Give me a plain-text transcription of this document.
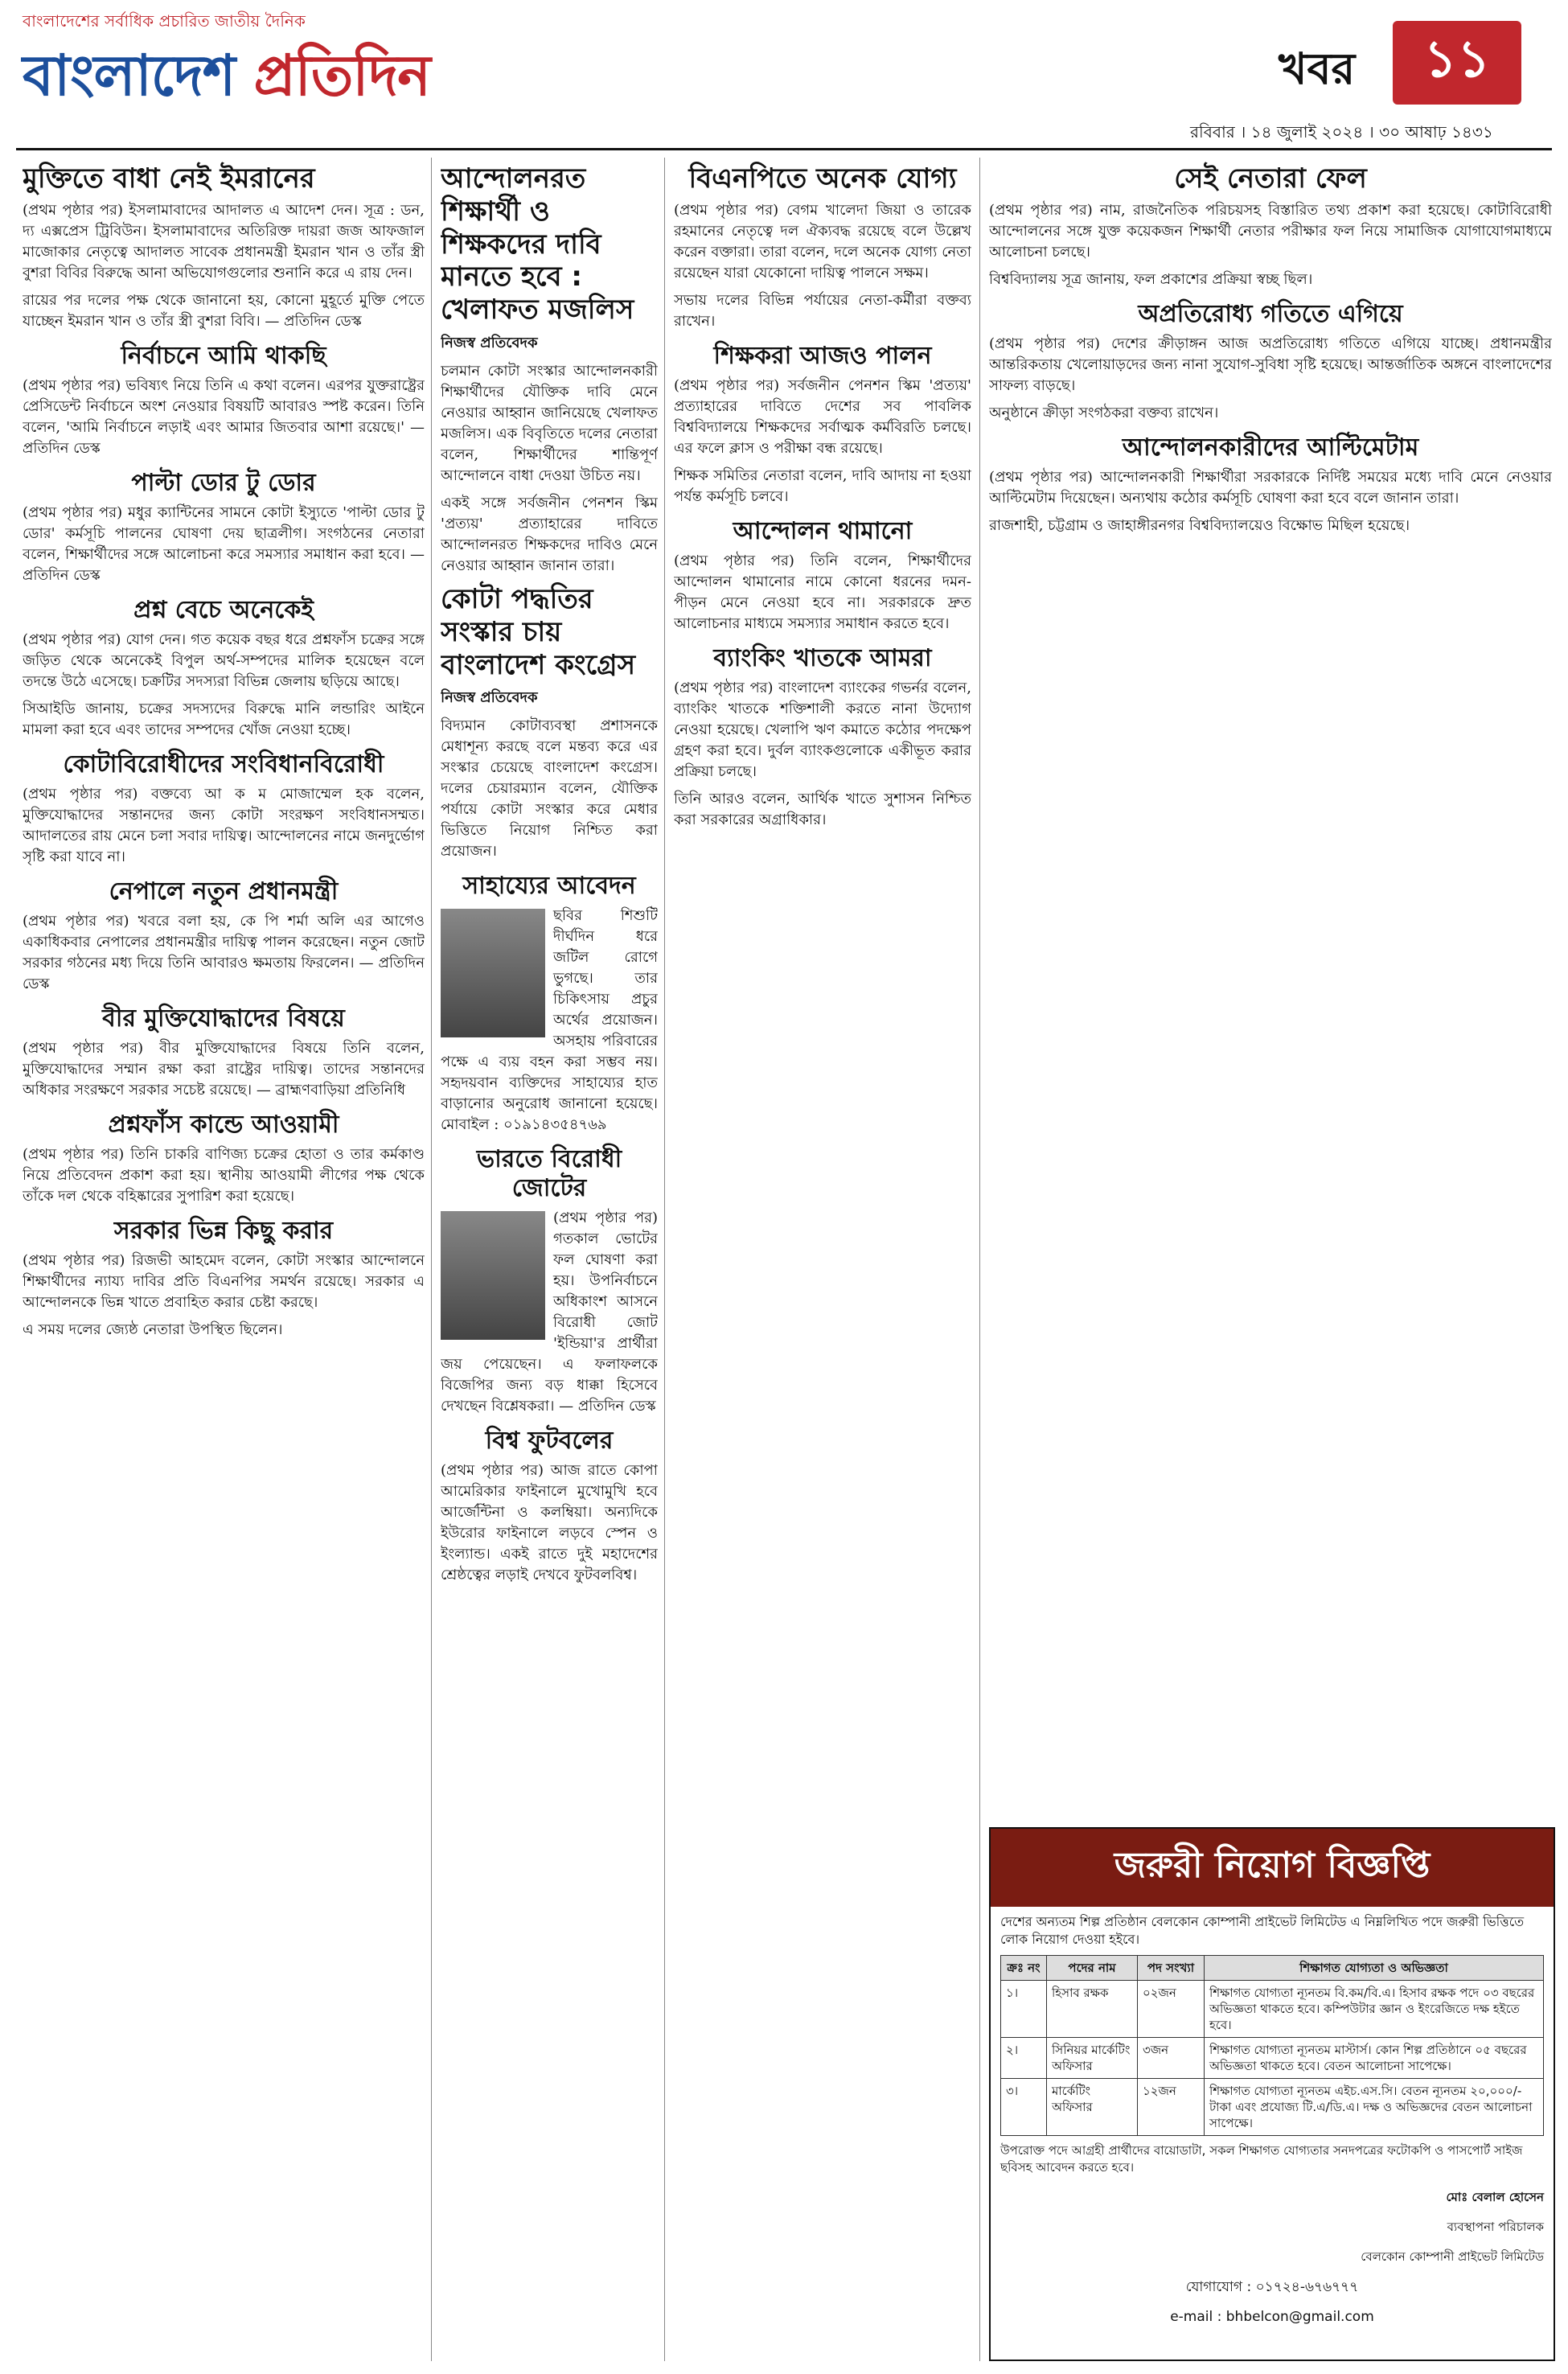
বাংলাদেশের সর্বাধিক প্রচারিত জাতীয় দৈনিক
বাংলাদেশ প্রতিদিন	খবর	১১
রবিবার । ১৪ জুলাই ২০২৪ । ৩০ আষাঢ় ১৪৩১
মুক্তিতে বাধা নেই ইমরানের

(প্রথম পৃষ্ঠার পর) ইসলামাবাদের আদালত এ আদেশ দেন। সূত্র : ডন, দ্য এক্সপ্রেস ট্রিবিউন। ইসলামাবাদের অতিরিক্ত দায়রা জজ আফজাল মাজোকার নেতৃত্বে আদালত সাবেক প্রধানমন্ত্রী ইমরান খান ও তাঁর স্ত্রী বুশরা বিবির বিরুদ্ধে আনা অভিযোগগুলোর শুনানি করে এ রায় দেন।

রায়ের পর দলের পক্ষ থেকে জানানো হয়, কোনো মুহূর্তে মুক্তি পেতে যাচ্ছেন ইমরান খান ও তাঁর স্ত্রী বুশরা বিবি। — প্রতিদিন ডেস্ক

নির্বাচনে আমি থাকছি

(প্রথম পৃষ্ঠার পর) ভবিষ্যৎ নিয়ে তিনি এ কথা বলেন। এরপর যুক্তরাষ্ট্রের প্রেসিডেন্ট নির্বাচনে অংশ নেওয়ার বিষয়টি আবারও স্পষ্ট করেন। তিনি বলেন, 'আমি নির্বাচনে লড়াই এবং আমার জিতবার আশা রয়েছে।' — প্রতিদিন ডেস্ক

পাল্টা ডোর টু ডোর

(প্রথম পৃষ্ঠার পর) মধুর ক্যান্টিনের সামনে কোটা ইস্যুতে 'পাল্টা ডোর টু ডোর' কর্মসূচি পালনের ঘোষণা দেয় ছাত্রলীগ। সংগঠনের নেতারা বলেন, শিক্ষার্থীদের সঙ্গে আলোচনা করে সমস্যার সমাধান করা হবে। — প্রতিদিন ডেস্ক

প্রশ্ন বেচে অনেকেই

(প্রথম পৃষ্ঠার পর) যোগ দেন। গত কয়েক বছর ধরে প্রশ্নফাঁস চক্রের সঙ্গে জড়িত থেকে অনেকেই বিপুল অর্থ-সম্পদের মালিক হয়েছেন বলে তদন্তে উঠে এসেছে। চক্রটির সদস্যরা বিভিন্ন জেলায় ছড়িয়ে আছে।

সিআইডি জানায়, চক্রের সদস্যদের বিরুদ্ধে মানি লন্ডারিং আইনে মামলা করা হবে এবং তাদের সম্পদের খোঁজ নেওয়া হচ্ছে।

কোটাবিরোধীদের সংবিধানবিরোধী

(প্রথম পৃষ্ঠার পর) বক্তব্যে আ ক ম মোজাম্মেল হক বলেন, মুক্তিযোদ্ধাদের সন্তানদের জন্য কোটা সংরক্ষণ সংবিধানসম্মত। আদালতের রায় মেনে চলা সবার দায়িত্ব। আন্দোলনের নামে জনদুর্ভোগ সৃষ্টি করা যাবে না।

নেপালে নতুন প্রধানমন্ত্রী

(প্রথম পৃষ্ঠার পর) খবরে বলা হয়, কে পি শর্মা অলি এর আগেও একাধিকবার নেপালের প্রধানমন্ত্রীর দায়িত্ব পালন করেছেন। নতুন জোট সরকার গঠনের মধ্য দিয়ে তিনি আবারও ক্ষমতায় ফিরলেন। — প্রতিদিন ডেস্ক

বীর মুক্তিযোদ্ধাদের বিষয়ে

(প্রথম পৃষ্ঠার পর) বীর মুক্তিযোদ্ধাদের বিষয়ে তিনি বলেন, মুক্তিযোদ্ধাদের সম্মান রক্ষা করা রাষ্ট্রের দায়িত্ব। তাদের সন্তানদের অধিকার সংরক্ষণে সরকার সচেষ্ট রয়েছে। — ব্রাহ্মণবাড়িয়া প্রতিনিধি

প্রশ্নফাঁস কান্ডে আওয়ামী

(প্রথম পৃষ্ঠার পর) তিনি চাকরি বাণিজ্য চক্রের হোতা ও তার কর্মকাণ্ড নিয়ে প্রতিবেদন প্রকাশ করা হয়। স্থানীয় আওয়ামী লীগের পক্ষ থেকে তাঁকে দল থেকে বহিষ্কারের সুপারিশ করা হয়েছে।

সরকার ভিন্ন কিছু করার

(প্রথম পৃষ্ঠার পর) রিজভী আহমেদ বলেন, কোটা সংস্কার আন্দোলনে শিক্ষার্থীদের ন্যায্য দাবির প্রতি বিএনপির সমর্থন রয়েছে। সরকার এ আন্দোলনকে ভিন্ন খাতে প্রবাহিত করার চেষ্টা করছে।

এ সময় দলের জ্যেষ্ঠ নেতারা উপস্থিত ছিলেন।

আন্দোলনরত শিক্ষার্থী ও শিক্ষকদের দাবি মানতে হবে : খেলাফত মজলিস
নিজস্ব প্রতিবেদক

চলমান কোটা সংস্কার আন্দোলনকারী শিক্ষার্থীদের যৌক্তিক দাবি মেনে নেওয়ার আহ্বান জানিয়েছে খেলাফত মজলিস। এক বিবৃতিতে দলের নেতারা বলেন, শিক্ষার্থীদের শান্তিপূর্ণ আন্দোলনে বাধা দেওয়া উচিত নয়।

একই সঙ্গে সর্বজনীন পেনশন স্কিম 'প্রত্যয়' প্রত্যাহারের দাবিতে আন্দোলনরত শিক্ষকদের দাবিও মেনে নেওয়ার আহ্বান জানান তারা।

কোটা পদ্ধতির সংস্কার চায় বাংলাদেশ কংগ্রেস
নিজস্ব প্রতিবেদক

বিদ্যমান কোটাব্যবস্থা প্রশাসনকে মেধাশূন্য করছে বলে মন্তব্য করে এর সংস্কার চেয়েছে বাংলাদেশ কংগ্রেস। দলের চেয়ারম্যান বলেন, যৌক্তিক পর্যায়ে কোটা সংস্কার করে মেধার ভিত্তিতে নিয়োগ নিশ্চিত করা প্রয়োজন।

সাহায্যের আবেদন

ছবির শিশুটি দীর্ঘদিন ধরে জটিল রোগে ভুগছে। তার চিকিৎসায় প্রচুর অর্থের প্রয়োজন। অসহায় পরিবারের পক্ষে এ ব্যয় বহন করা সম্ভব নয়। সহৃদয়বান ব্যক্তিদের সাহায্যের হাত বাড়ানোর অনুরোধ জানানো হয়েছে। মোবাইল : ০১৯১৪৩৫৪৭৬৯

ভারতে বিরোধী জোটের

(প্রথম পৃষ্ঠার পর) গতকাল ভোটের ফল ঘোষণা করা হয়। উপনির্বাচনে অধিকাংশ আসনে বিরোধী জোট 'ইন্ডিয়া'র প্রার্থীরা জয় পেয়েছেন। এ ফলাফলকে বিজেপির জন্য বড় ধাক্কা হিসেবে দেখছেন বিশ্লেষকরা। — প্রতিদিন ডেস্ক

বিশ্ব ফুটবলের

(প্রথম পৃষ্ঠার পর) আজ রাতে কোপা আমেরিকার ফাইনালে মুখোমুখি হবে আর্জেন্টিনা ও কলম্বিয়া। অন্যদিকে ইউরোর ফাইনালে লড়বে স্পেন ও ইংল্যান্ড। একই রাতে দুই মহাদেশের শ্রেষ্ঠত্বের লড়াই দেখবে ফুটবলবিশ্ব।

বিএনপিতে অনেক যোগ্য

(প্রথম পৃষ্ঠার পর) বেগম খালেদা জিয়া ও তারেক রহমানের নেতৃত্বে দল ঐক্যবদ্ধ রয়েছে বলে উল্লেখ করেন বক্তারা। তারা বলেন, দলে অনেক যোগ্য নেতা রয়েছেন যারা যেকোনো দায়িত্ব পালনে সক্ষম।

সভায় দলের বিভিন্ন পর্যায়ের নেতা-কর্মীরা বক্তব্য রাখেন।

শিক্ষকরা আজও পালন

(প্রথম পৃষ্ঠার পর) সর্বজনীন পেনশন স্কিম 'প্রত্যয়' প্রত্যাহারের দাবিতে দেশের সব পাবলিক বিশ্ববিদ্যালয়ে শিক্ষকদের সর্বাত্মক কর্মবিরতি চলছে। এর ফলে ক্লাস ও পরীক্ষা বন্ধ রয়েছে।

শিক্ষক সমিতির নেতারা বলেন, দাবি আদায় না হওয়া পর্যন্ত কর্মসূচি চলবে।

আন্দোলন থামানো

(প্রথম পৃষ্ঠার পর) তিনি বলেন, শিক্ষার্থীদের আন্দোলন থামানোর নামে কোনো ধরনের দমন-পীড়ন মেনে নেওয়া হবে না। সরকারকে দ্রুত আলোচনার মাধ্যমে সমস্যার সমাধান করতে হবে।

ব্যাংকিং খাতকে আমরা

(প্রথম পৃষ্ঠার পর) বাংলাদেশ ব্যাংকের গভর্নর বলেন, ব্যাংকিং খাতকে শক্তিশালী করতে নানা উদ্যোগ নেওয়া হয়েছে। খেলাপি ঋণ কমাতে কঠোর পদক্ষেপ গ্রহণ করা হবে। দুর্বল ব্যাংকগুলোকে একীভূত করার প্রক্রিয়া চলছে।

তিনি আরও বলেন, আর্থিক খাতে সুশাসন নিশ্চিত করা সরকারের অগ্রাধিকার।

সেই নেতারা ফেল

(প্রথম পৃষ্ঠার পর) নাম, রাজনৈতিক পরিচয়সহ বিস্তারিত তথ্য প্রকাশ করা হয়েছে। কোটাবিরোধী আন্দোলনের সঙ্গে যুক্ত কয়েকজন শিক্ষার্থী নেতার পরীক্ষার ফল নিয়ে সামাজিক যোগাযোগমাধ্যমে আলোচনা চলছে।

বিশ্ববিদ্যালয় সূত্র জানায়, ফল প্রকাশের প্রক্রিয়া স্বচ্ছ ছিল।

অপ্রতিরোধ্য গতিতে এগিয়ে

(প্রথম পৃষ্ঠার পর) দেশের ক্রীড়াঙ্গন আজ অপ্রতিরোধ্য গতিতে এগিয়ে যাচ্ছে। প্রধানমন্ত্রীর আন্তরিকতায় খেলোয়াড়দের জন্য নানা সুযোগ-সুবিধা সৃষ্টি হয়েছে। আন্তর্জাতিক অঙ্গনে বাংলাদেশের সাফল্য বাড়ছে।

অনুষ্ঠানে ক্রীড়া সংগঠকরা বক্তব্য রাখেন।

আন্দোলনকারীদের আল্টিমেটাম

(প্রথম পৃষ্ঠার পর) আন্দোলনকারী শিক্ষার্থীরা সরকারকে নির্দিষ্ট সময়ের মধ্যে দাবি মেনে নেওয়ার আল্টিমেটাম দিয়েছেন। অন্যথায় কঠোর কর্মসূচি ঘোষণা করা হবে বলে জানান তারা।

রাজশাহী, চট্টগ্রাম ও জাহাঙ্গীরনগর বিশ্ববিদ্যালয়েও বিক্ষোভ মিছিল হয়েছে।

জরুরী নিয়োগ বিজ্ঞপ্তি
দেশের অন্যতম শিল্প প্রতিষ্ঠান বেলকোন কোম্পানী প্রাইভেট লিমিটেড এ নিম্নলিখিত পদে জরুরী ভিত্তিতে লোক নিয়োগ দেওয়া হইবে।
ক্রঃ নং	পদের নাম	পদ সংখ্যা	শিক্ষাগত যোগ্যতা ও অভিজ্ঞতা
১।	হিসাব রক্ষক	০২জন	শিক্ষাগত যোগ্যতা ন্যূনতম বি.কম/বি.এ। হিসাব রক্ষক পদে ০৩ বছরের অভিজ্ঞতা থাকতে হবে। কম্পিউটার জ্ঞান ও ইংরেজিতে দক্ষ হইতে হবে।
২।	সিনিয়র মার্কেটিং অফিসার	৩জন	শিক্ষাগত যোগ্যতা ন্যূনতম মাস্টার্স। কোন শিল্প প্রতিষ্ঠানে ০৫ বছরের অভিজ্ঞতা থাকতে হবে। বেতন আলোচনা সাপেক্ষে।
৩।	মার্কেটিং অফিসার	১২জন	শিক্ষাগত যোগ্যতা ন্যূনতম এইচ.এস.সি। বেতন ন্যূনতম ২০,০০০/- টাকা এবং প্রযোজ্য টি.এ/ডি.এ। দক্ষ ও অভিজ্ঞদের বেতন আলোচনা সাপেক্ষে।
উপরোক্ত পদে আগ্রহী প্রার্থীদের বায়োডাটা, সকল শিক্ষাগত যোগ্যতার সনদপত্রের ফটোকপি ও পাসপোর্ট সাইজ ছবিসহ আবেদন করতে হবে।
মোঃ বেলাল হোসেন
ব্যবস্থাপনা পরিচালক
বেলকোন কোম্পানী প্রাইভেট লিমিটেড
যোগাযোগ : ০১৭২৪-৬৭৬৭৭৭
e-mail : bhbelcon@gmail.com
